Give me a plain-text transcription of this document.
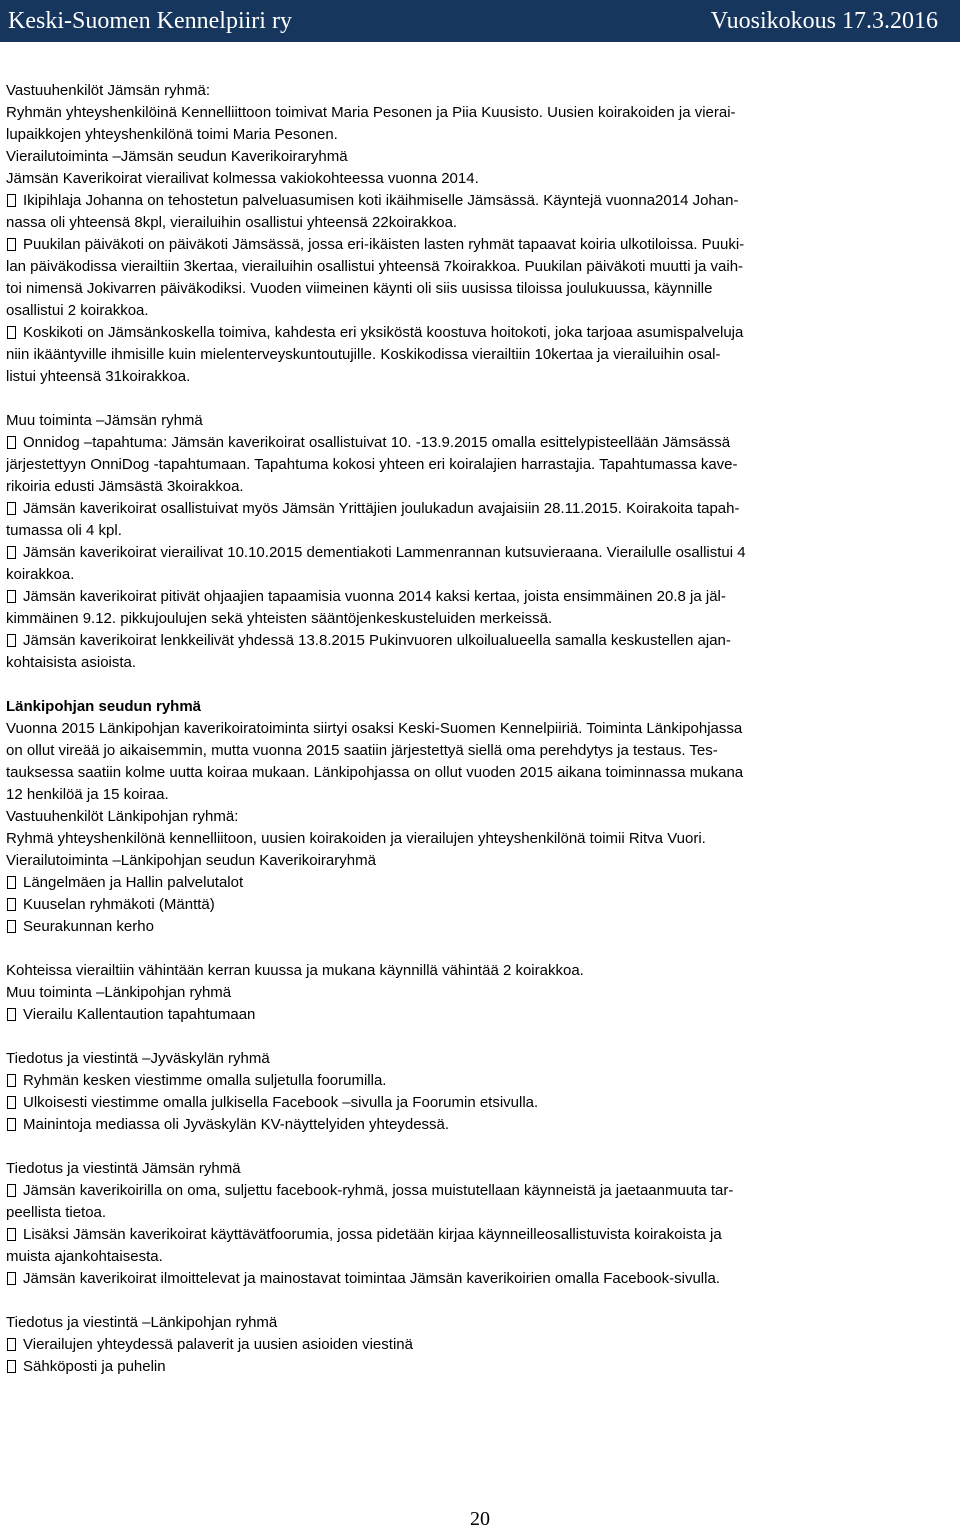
Keski-Suomen Kennelpiiri ry	Vuosikokous 17.3.2016
Vastuuhenkilöt Jämsän ryhmä:
Ryhmän yhteyshenkilöinä Kennelliittoon toimivat Maria Pesonen ja Piia Kuusisto. Uusien koirakoiden ja vierai-
lupaikkojen yhteyshenkilönä toimi Maria Pesonen.
Vierailutoiminta –Jämsän seudun Kaverikoiraryhmä
Jämsän Kaverikoirat vierailivat kolmessa vakiokohteessa vuonna 2014.
Ikipihlaja Johanna on tehostetun palveluasumisen koti ikäihmiselle Jämsässä. Käyntejä vuonna2014 Johan-
nassa oli yhteensä 8kpl, vierailuihin osallistui yhteensä 22koirakkoa.
Puukilan päiväkoti on päiväkoti Jämsässä, jossa eri-ikäisten lasten ryhmät tapaavat koiria ulkotiloissa. Puuki-
lan päiväkodissa vierailtiin 3kertaa, vierailuihin osallistui yhteensä 7koirakkoa. Puukilan päiväkoti muutti ja vaih-
toi nimensä Jokivarren päiväkodiksi. Vuoden viimeinen käynti oli siis uusissa tiloissa joulukuussa, käynnille
osallistui 2 koirakkoa.
Koskikoti on Jämsänkoskella toimiva, kahdesta eri yksiköstä koostuva hoitokoti, joka tarjoaa asumispalveluja
niin ikääntyville ihmisille kuin mielenterveyskuntoutujille. Koskikodissa vierailtiin 10kertaa ja vierailuihin osal-
listui yhteensä 31koirakkoa.
Muu toiminta –Jämsän ryhmä
Onnidog –tapahtuma: Jämsän kaverikoirat osallistuivat 10. -13.9.2015 omalla esittelypisteellään Jämsässä
järjestettyyn OnniDog -tapahtumaan. Tapahtuma kokosi yhteen eri koiralajien harrastajia. Tapahtumassa kave-
rikoiria edusti Jämsästä 3koirakkoa.
Jämsän kaverikoirat osallistuivat myös Jämsän Yrittäjien joulukadun avajaisiin 28.11.2015. Koirakoita tapah-
tumassa oli 4 kpl.
Jämsän kaverikoirat vierailivat 10.10.2015 dementiakoti Lammenrannan kutsuvieraana. Vierailulle osallistui 4
koirakkoa.
Jämsän kaverikoirat pitivät ohjaajien tapaamisia vuonna 2014 kaksi kertaa, joista ensimmäinen 20.8 ja jäl-
kimmäinen 9.12. pikkujoulujen sekä yhteisten sääntöjenkeskusteluiden merkeissä.
Jämsän kaverikoirat lenkkeilivät yhdessä 13.8.2015 Pukinvuoren ulkoilualueella samalla keskustellen ajan-
kohtaisista asioista.
Länkipohjan seudun ryhmä
Vuonna 2015 Länkipohjan kaverikoiratoiminta siirtyi osaksi Keski-Suomen Kennelpiiriä. Toiminta Länkipohjassa
on ollut vireää jo aikaisemmin, mutta vuonna 2015 saatiin järjestettyä siellä oma perehdytys ja testaus. Tes-
tauksessa saatiin kolme uutta koiraa mukaan. Länkipohjassa on ollut vuoden 2015 aikana toiminnassa mukana
12 henkilöä ja 15 koiraa.
Vastuuhenkilöt Länkipohjan ryhmä:
Ryhmä yhteyshenkilönä kennelliitoon, uusien koirakoiden ja vierailujen yhteyshenkilönä toimii Ritva Vuori.
Vierailutoiminta –Länkipohjan seudun Kaverikoiraryhmä
Längelmäen ja Hallin palvelutalot
Kuuselan ryhmäkoti (Mänttä)
Seurakunnan kerho
Kohteissa vierailtiin vähintään kerran kuussa ja mukana käynnillä vähintää 2 koirakkoa.
Muu toiminta –Länkipohjan ryhmä
Vierailu Kallentaution tapahtumaan
Tiedotus ja viestintä –Jyväskylän ryhmä
Ryhmän kesken viestimme omalla suljetulla foorumilla.
Ulkoisesti viestimme omalla julkisella Facebook –sivulla ja Foorumin etsivulla.
Mainintoja mediassa oli Jyväskylän KV-näyttelyiden yhteydessä.
Tiedotus ja viestintä Jämsän ryhmä
Jämsän kaverikoirilla on oma, suljettu facebook-ryhmä, jossa muistutellaan käynneistä ja jaetaanmuuta tar-
peellista tietoa.
Lisäksi Jämsän kaverikoirat käyttävätfoorumia, jossa pidetään kirjaa käynneilleosallistuvista koirakoista ja
muista ajankohtaisesta.
Jämsän kaverikoirat ilmoittelevat ja mainostavat toimintaa Jämsän kaverikoirien omalla Facebook-sivulla.
Tiedotus ja viestintä –Länkipohjan ryhmä
Vierailujen yhteydessä palaverit ja uusien asioiden viestinä
Sähköposti ja puhelin
20
